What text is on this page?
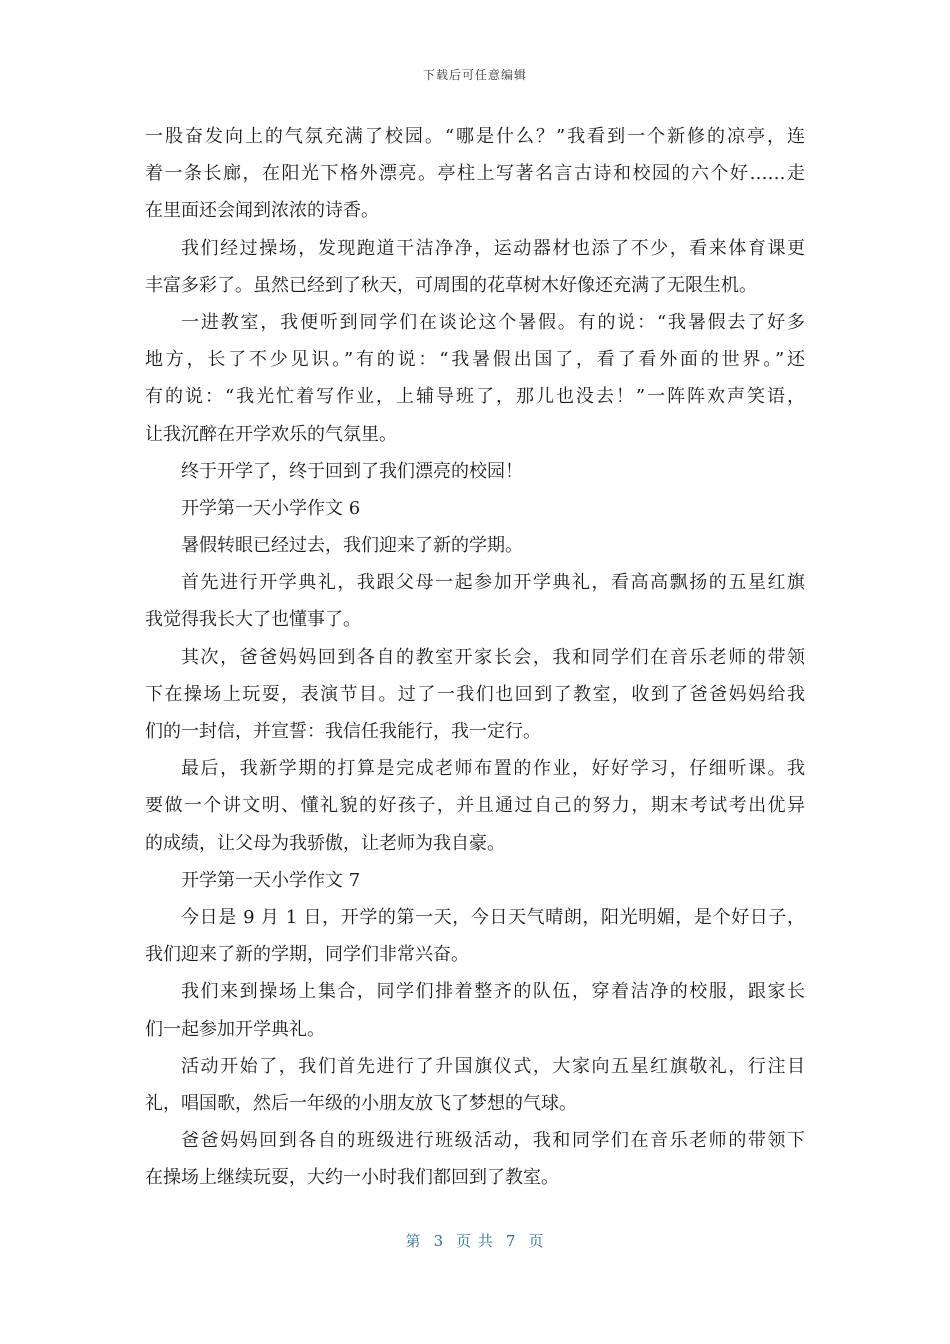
下载后可任意编辑
一股奋发向上的气氛充满了校园。“哪是什么？”我看到一个新修的凉亭，连
着一条长廊，在阳光下格外漂亮。亭柱上写著名言古诗和校园的六个好……走
在里面还会闻到浓浓的诗香。
我们经过操场，发现跑道干洁净净，运动器材也添了不少，看来体育课更
丰富多彩了。虽然已经到了秋天，可周围的花草树木好像还充满了无限生机。
一进教室，我便听到同学们在谈论这个暑假。有的说：“我暑假去了好多
地方，长了不少见识。”有的说：“我暑假出国了，看了看外面的世界。”还
有的说：“我光忙着写作业，上辅导班了，那儿也没去！”一阵阵欢声笑语，
让我沉醉在开学欢乐的气氛里。
终于开学了，终于回到了我们漂亮的校园！
开学第一天小学作文 6
暑假转眼已经过去，我们迎来了新的学期。
首先进行开学典礼，我跟父母一起参加开学典礼，看高高飘扬的五星红旗
我觉得我长大了也懂事了。
其次，爸爸妈妈回到各自的教室开家长会，我和同学们在音乐老师的带领
下在操场上玩耍，表演节目。过了一我们也回到了教室，收到了爸爸妈妈给我
们的一封信，并宣誓：我信任我能行，我一定行。
最后，我新学期的打算是完成老师布置的作业，好好学习，仔细听课。我
要做一个讲文明、懂礼貌的好孩子，并且通过自己的努力，期末考试考出优异
的成绩，让父母为我骄傲，让老师为我自豪。
开学第一天小学作文 7
今日是 9 月 1 日，开学的第一天，今日天气晴朗，阳光明媚，是个好日子，
我们迎来了新的学期，同学们非常兴奋。
我们来到操场上集合，同学们排着整齐的队伍，穿着洁净的校服，跟家长
们一起参加开学典礼。
活动开始了，我们首先进行了升国旗仪式，大家向五星红旗敬礼，行注目
礼，唱国歌，然后一年级的小朋友放飞了梦想的气球。
爸爸妈妈回到各自的班级进行班级活动，我和同学们在音乐老师的带领下
在操场上继续玩耍，大约一小时我们都回到了教室。
第 3 页 共 7 页
